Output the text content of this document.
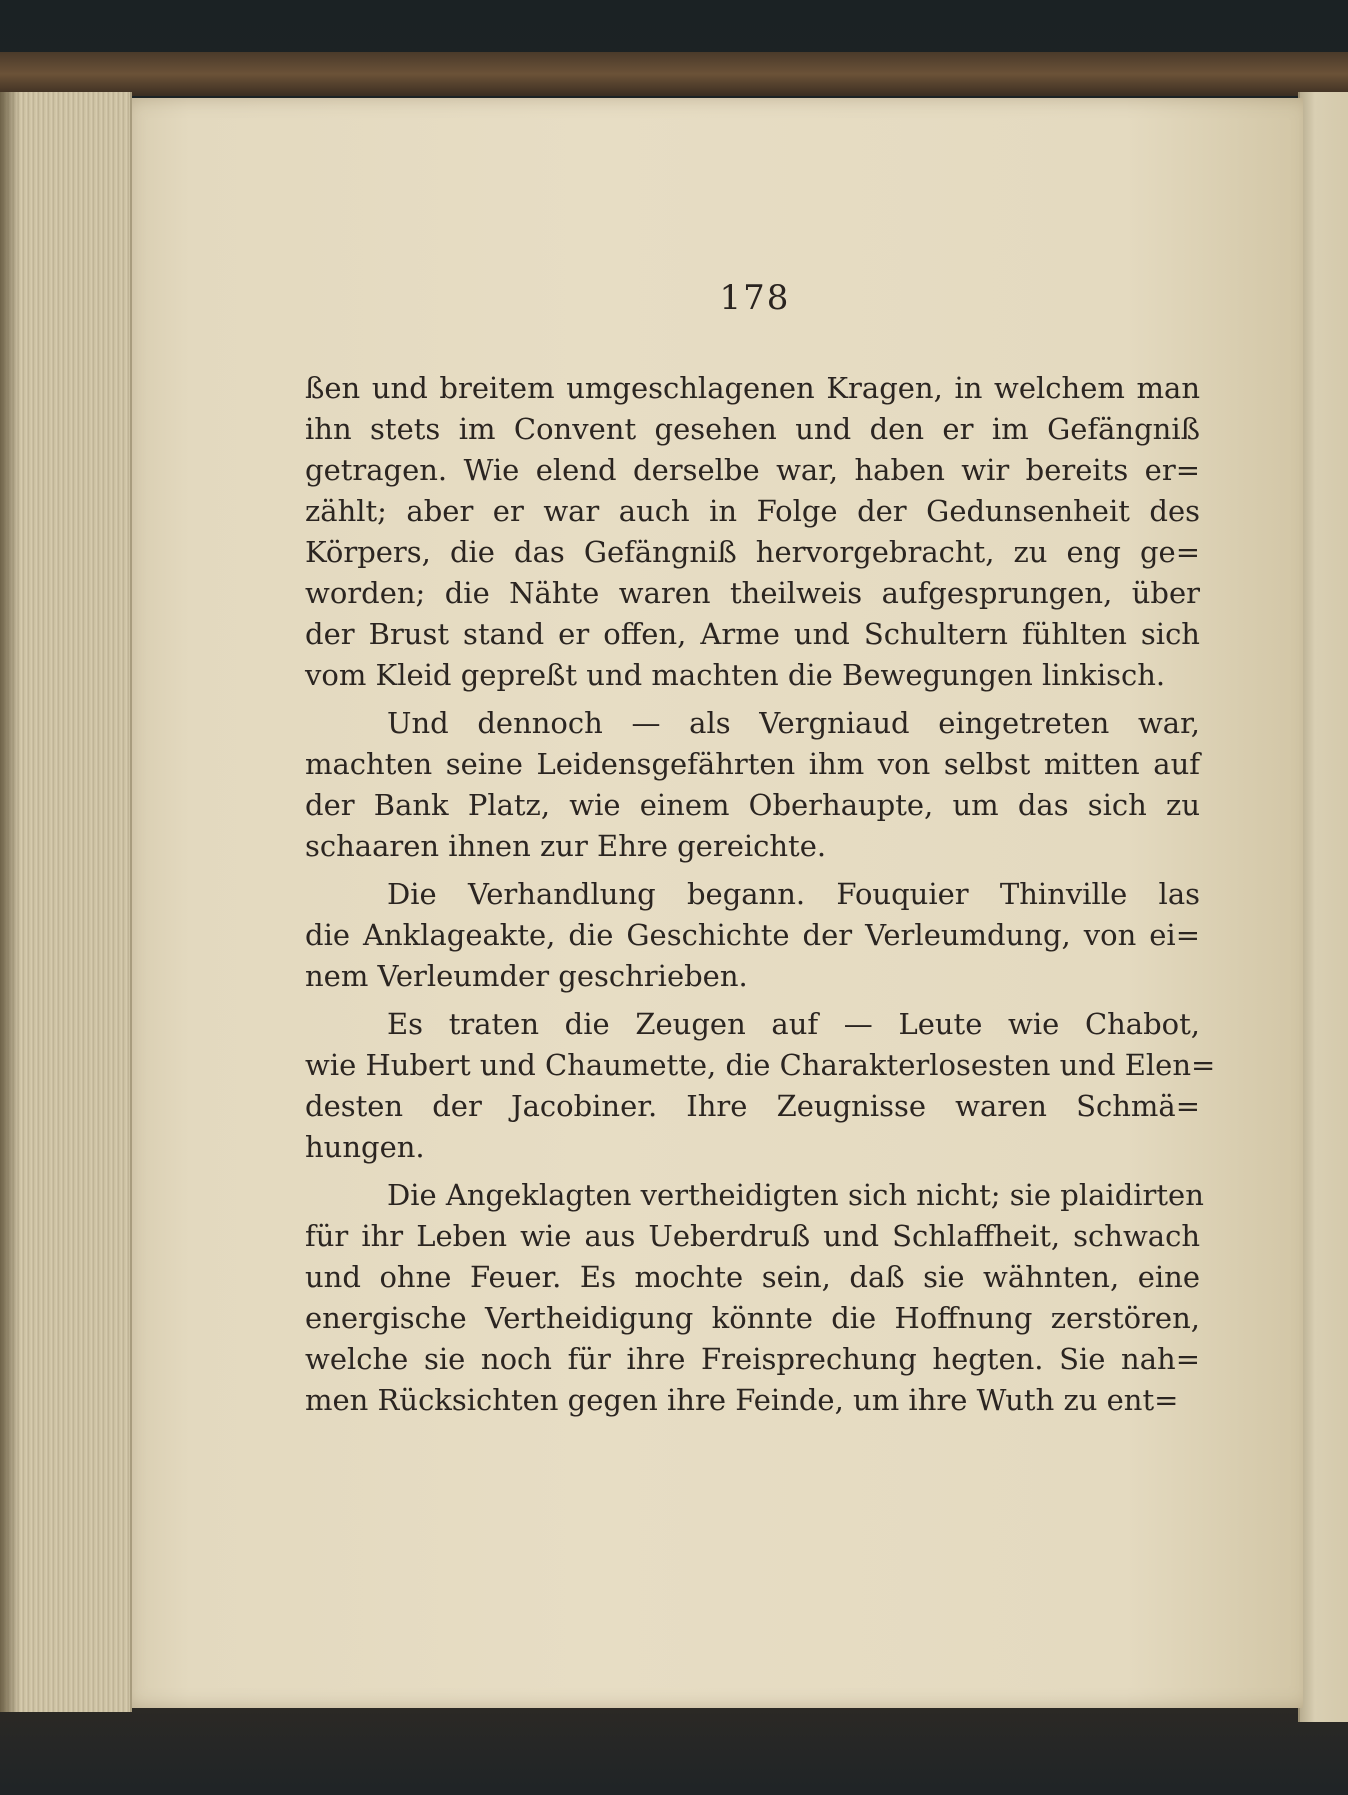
178
ßen und breitem umgeschlagenen Kragen, in welchem man
ihn stets im Convent gesehen und den er im Gefängniß
getragen. Wie elend derselbe war, haben wir bereits er=
zählt; aber er war auch in Folge der Gedunsenheit des
Körpers, die das Gefängniß hervorgebracht, zu eng ge=
worden; die Nähte waren theilweis aufgesprungen, über
der Brust stand er offen, Arme und Schultern fühlten sich
vom Kleid gepreßt und machten die Bewegungen linkisch.
Und dennoch — als Vergniaud eingetreten war,
machten seine Leidensgefährten ihm von selbst mitten auf
der Bank Platz, wie einem Oberhaupte, um das sich zu
schaaren ihnen zur Ehre gereichte.
Die Verhandlung begann. Fouquier Thinville las
die Anklageakte, die Geschichte der Verleumdung, von ei=
nem Verleumder geschrieben.
Es traten die Zeugen auf — Leute wie Chabot,
wie Hubert und Chaumette, die Charakterlosesten und Elen=
desten der Jacobiner. Ihre Zeugnisse waren Schmä=
hungen.
Die Angeklagten vertheidigten sich nicht; sie plaidirten
für ihr Leben wie aus Ueberdruß und Schlaffheit, schwach
und ohne Feuer. Es mochte sein, daß sie wähnten, eine
energische Vertheidigung könnte die Hoffnung zerstören,
welche sie noch für ihre Freisprechung hegten. Sie nah=
men Rücksichten gegen ihre Feinde, um ihre Wuth zu ent=
